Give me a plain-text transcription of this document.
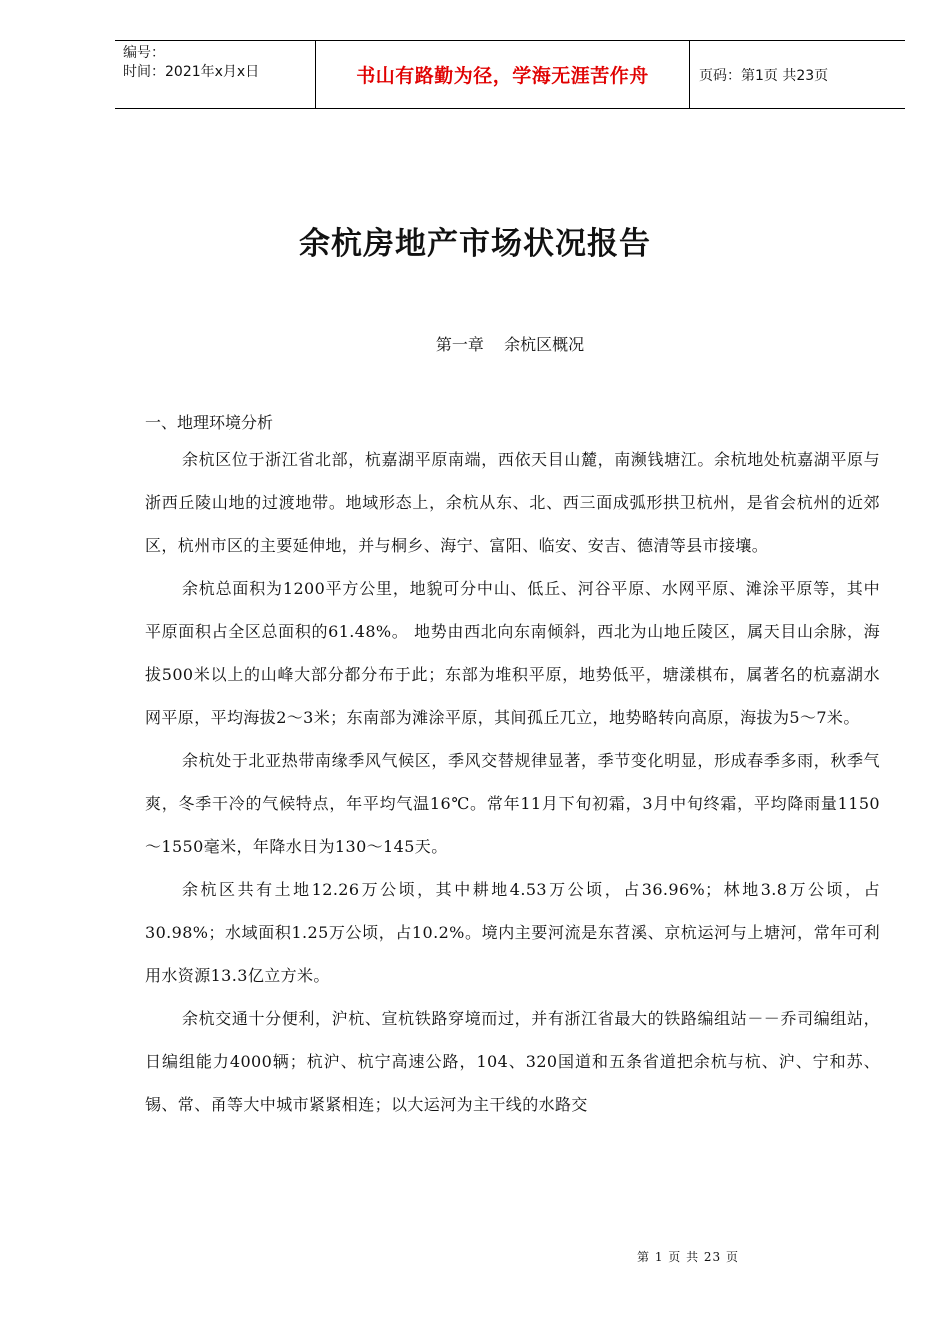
编号：
时间：2021年x月x日	书山有路勤为径，学海无涯苦作舟	页码：第1页 共23页
余杭房地产市场状况报告
第一章    余杭区概况
一、地理环境分析

余杭区位于浙江省北部，杭嘉湖平原南端，西依天目山麓，南濒钱塘江。余杭地处杭嘉湖平原与浙西丘陵山地的过渡地带。地域形态上，余杭从东、北、西三面成弧形拱卫杭州，是省会杭州的近郊区，杭州市区的主要延伸地，并与桐乡、海宁、富阳、临安、安吉、德清等县市接壤。

余杭总面积为1200平方公里，地貌可分中山、低丘、河谷平原、水网平原、滩涂平原等，其中平原面积占全区总面积的61.48%。 地势由西北向东南倾斜，西北为山地丘陵区，属天目山余脉，海拔500米以上的山峰大部分都分布于此；东部为堆积平原，地势低平，塘漾棋布，属著名的杭嘉湖水网平原，平均海拔2～3米；东南部为滩涂平原，其间孤丘兀立，地势略转向高原，海拔为5～7米。

余杭处于北亚热带南缘季风气候区，季风交替规律显著，季节变化明显，形成春季多雨，秋季气爽，冬季干冷的气候特点，年平均气温16℃。常年11月下旬初霜，3月中旬终霜，平均降雨量1150～1550毫米，年降水日为130～145天。

余杭区共有土地12.26万公顷，其中耕地4.53万公顷，占36.96%；林地3.8万公顷，占30.98%；水域面积1.25万公顷，占10.2%。境内主要河流是东苕溪、京杭运河与上塘河，常年可利用水资源13.3亿立方米。

余杭交通十分便利，沪杭、宣杭铁路穿境而过，并有浙江省最大的铁路编组站－－乔司编组站，日编组能力4000辆；杭沪、杭宁高速公路，104、320国道和五条省道把余杭与杭、沪、宁和苏、锡、常、甬等大中城市紧紧相连；以大运河为主干线的水路交

第 1 页 共 23 页
